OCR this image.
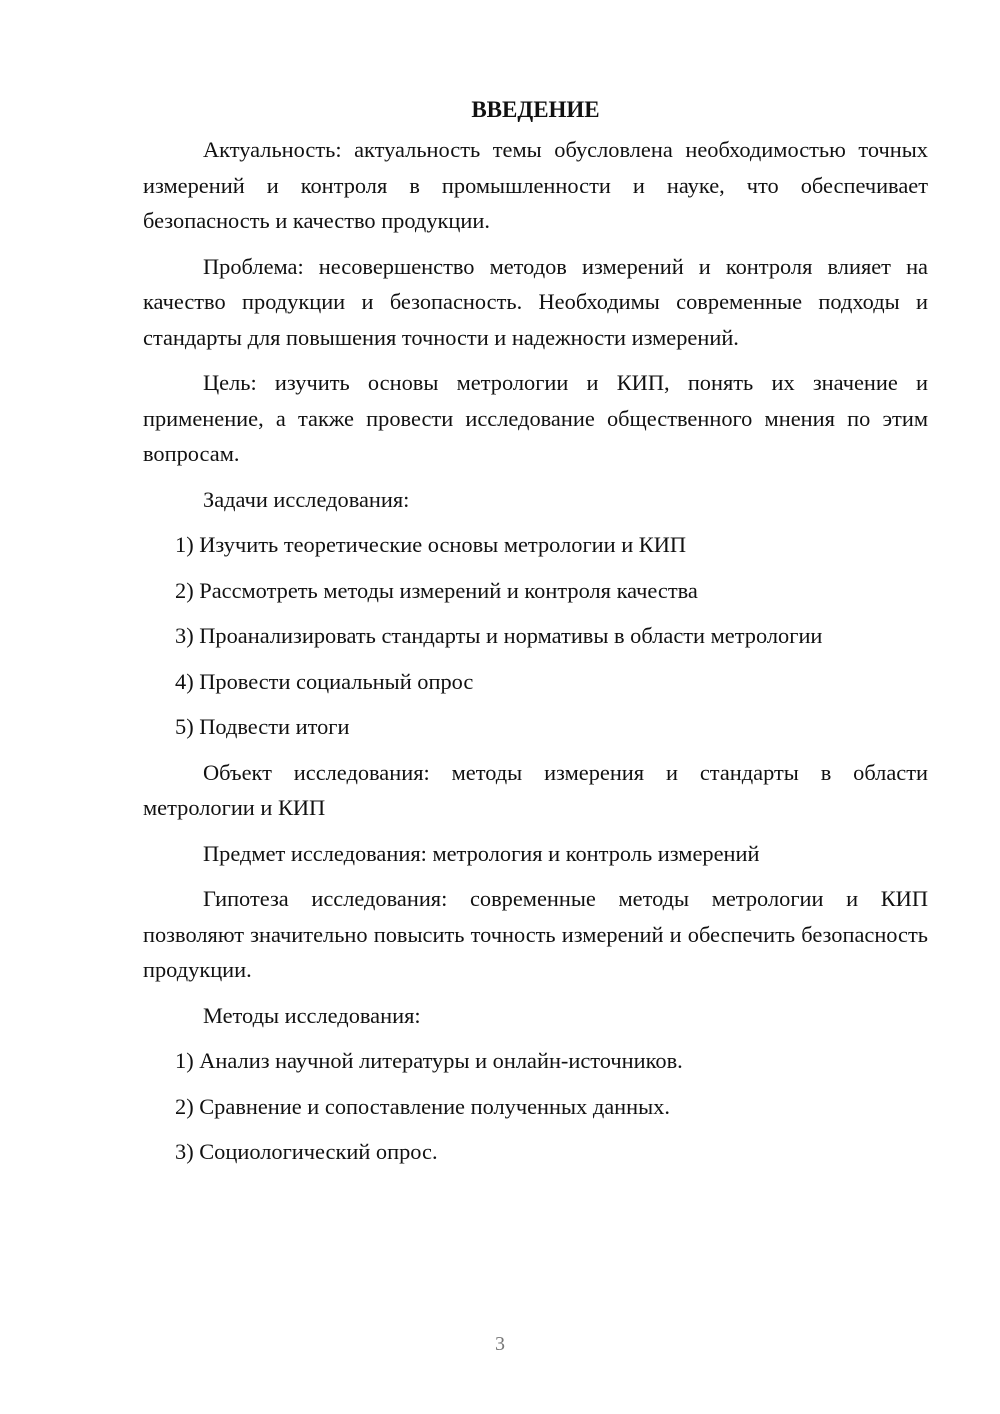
ВВЕДЕНИЕ

Актуальность: актуальность темы обусловлена необходимостью точных измерений и контроля в промышленности и науке, что обеспечивает безопасность и качество продукции.

Проблема: несовершенство методов измерений и контроля влияет на качество продукции и безопасность. Необходимы современные подходы и стандарты для повышения точности и надежности измерений.

Цель: изучить основы метрологии и КИП, понять их значение и применение, а также провести исследование общественного мнения по этим вопросам.

Задачи исследования:

1) Изучить теоретические основы метрологии и КИП
2) Рассмотреть методы измерений и контроля качества
3) Проанализировать стандарты и нормативы в области метрологии
4) Провести социальный опрос
5) Подвести итоги

Объект исследования: методы измерения и стандарты в области метрологии и КИП

Предмет исследования: метрология и контроль измерений

Гипотеза исследования: современные методы метрологии и КИП позволяют значительно повысить точность измерений и обеспечить безопасность продукции.

Методы исследования:

1) Анализ научной литературы и онлайн-источников.
2) Сравнение и сопоставление полученных данных.
3) Социологический опрос.
3
